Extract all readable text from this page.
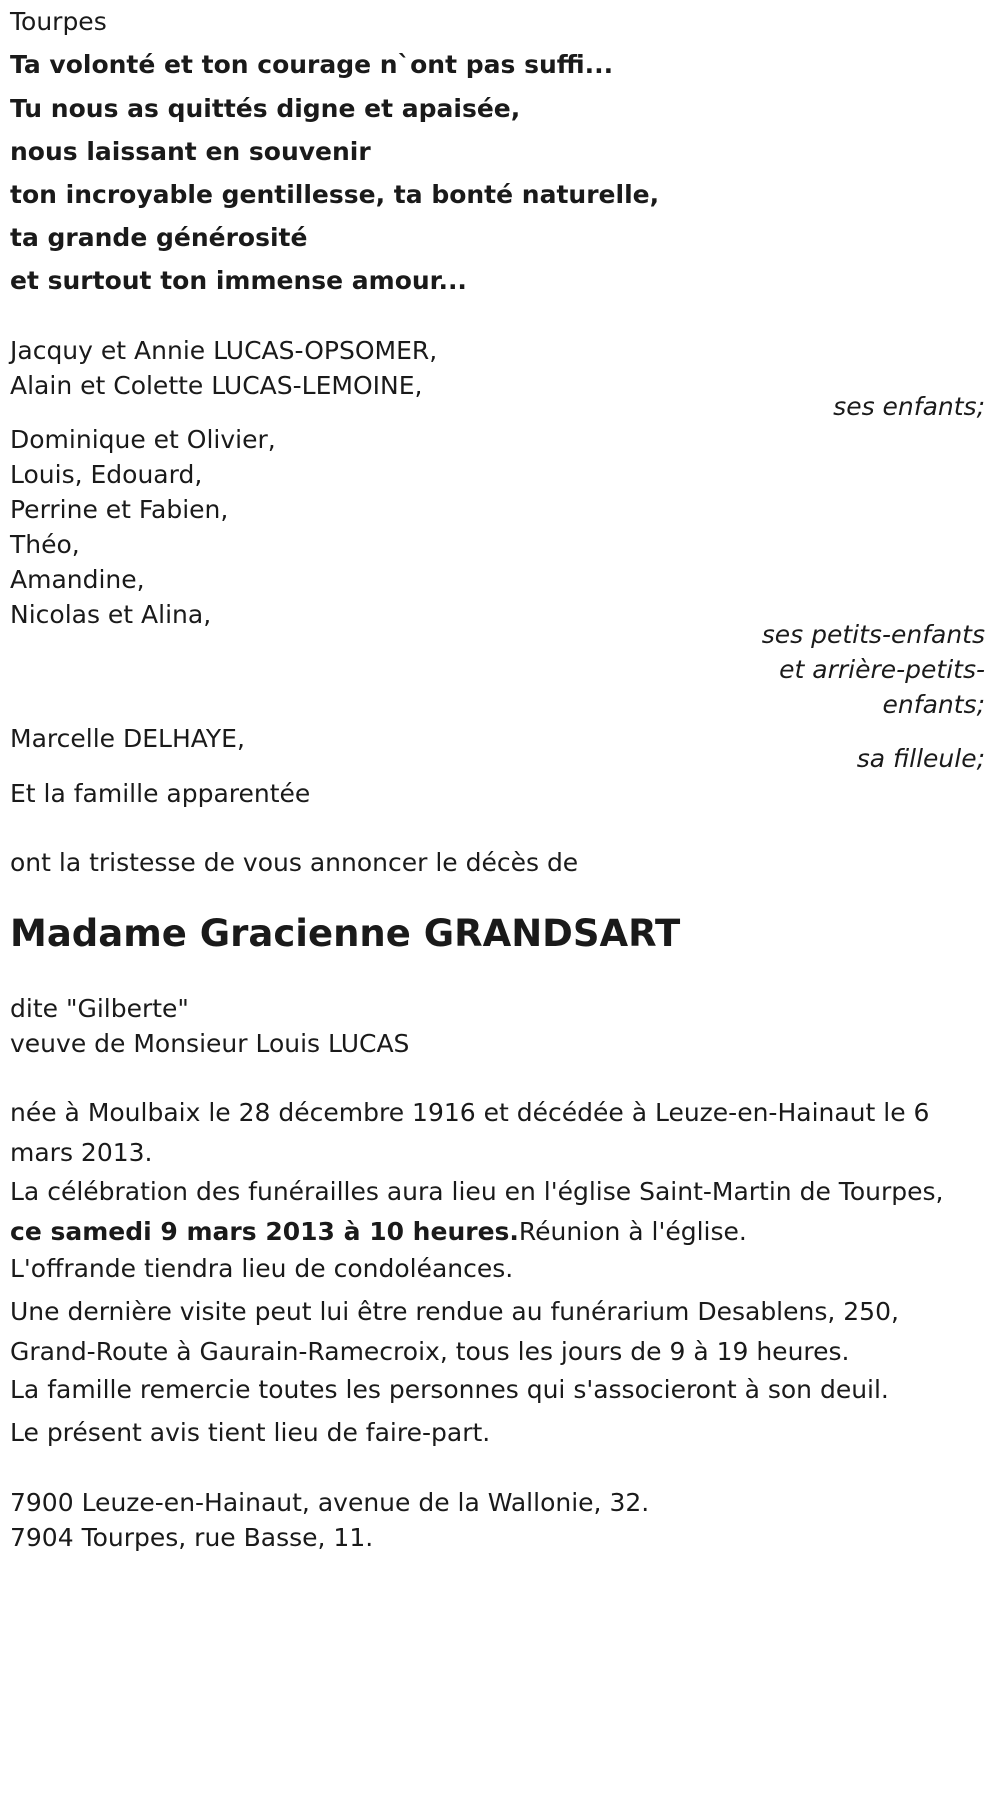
Tourpes
Ta volonté et ton courage n`ont pas suffi...
Tu nous as quittés digne et apaisée,
nous laissant en souvenir
ton incroyable gentillesse, ta bonté naturelle,
ta grande générosité
et surtout ton immense amour...
Jacquy et Annie LUCAS-OPSOMER,
Alain et Colette LUCAS-LEMOINE,
ses enfants;
Dominique et Olivier,
Louis, Edouard,
Perrine et Fabien,
Théo,
Amandine,
Nicolas et Alina,
ses petits-enfants
et arrière-petits-
enfants;
Marcelle DELHAYE,
sa filleule;
Et la famille apparentée
ont la tristesse de vous annoncer le décès de
Madame Gracienne GRANDSART
dite "Gilberte"
veuve de Monsieur Louis LUCAS
née à Moulbaix le 28 décembre 1916 et décédée à Leuze-en-Hainaut le 6 mars 2013.
La célébration des funérailles aura lieu en l'église Saint-Martin de Tourpes, ce samedi 9 mars 2013 à 10 heures.Réunion à l'église.
L'offrande tiendra lieu de condoléances.
Une dernière visite peut lui être rendue au funérarium Desablens, 250, Grand-Route à Gaurain-Ramecroix, tous les jours de 9 à 19 heures.
La famille remercie toutes les personnes qui s'associeront à son deuil.
Le présent avis tient lieu de faire-part.
7900 Leuze-en-Hainaut, avenue de la Wallonie, 32.
7904 Tourpes, rue Basse, 11.
